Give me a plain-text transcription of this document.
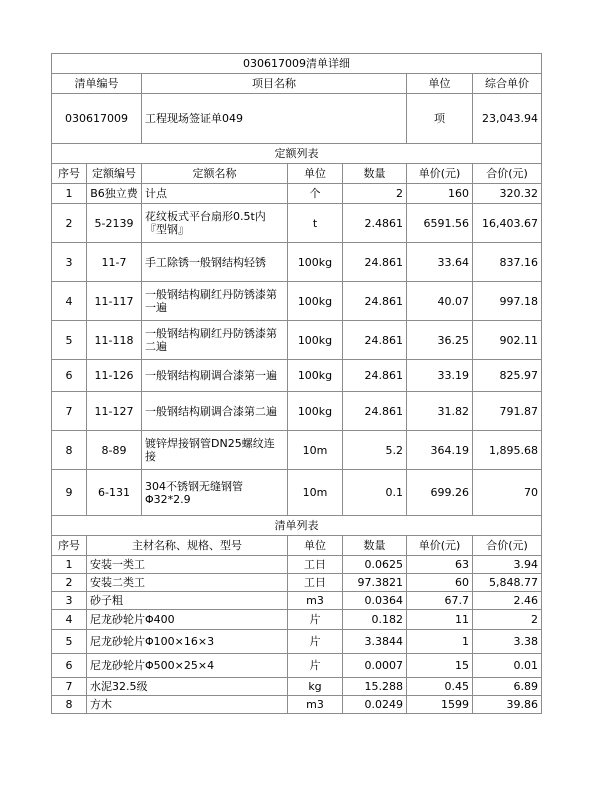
030617009清单详细						
清单编号		项目名称			单位	综合单价
030617009		工程现场签证单049			项	23,043.94
定额列表						
序号	定额编号	定额名称	单位	数量	单价(元)	合价(元)
1	B6独立费	计点	个	2	160	320.32
2	5-2139	花纹板式平台扇形0.5t内『型钢』	t	2.4861	6591.56	16,403.67
3	11-7	手工除锈一般钢结构轻锈	100kg	24.861	33.64	837.16
4	11-117	一般钢结构刷红丹防锈漆第一遍	100kg	24.861	40.07	997.18
5	11-118	一般钢结构刷红丹防锈漆第二遍	100kg	24.861	36.25	902.11
6	11-126	一般钢结构刷调合漆第一遍	100kg	24.861	33.19	825.97
7	11-127	一般钢结构刷调合漆第二遍	100kg	24.861	31.82	791.87
8	8-89	镀锌焊接钢管DN25螺纹连接	10m	5.2	364.19	1,895.68
9	6-131	304不锈钢无缝钢管Φ32*2.9	10m	0.1	699.26	70
清单列表						
序号	主材名称、规格、型号		单位	数量	单价(元)	合价(元)
1	安装一类工		工日	0.0625	63	3.94
2	安装二类工		工日	97.3821	60	5,848.77
3	砂子粗		m3	0.0364	67.7	2.46
4	尼龙砂轮片Φ400		片	0.182	11	2
5	尼龙砂轮片Φ100×16×3		片	3.3844	1	3.38
6	尼龙砂轮片Φ500×25×4		片	0.0007	15	0.01
7	水泥32.5级		kg	15.288	0.45	6.89
8	方木		m3	0.0249	1599	39.86
